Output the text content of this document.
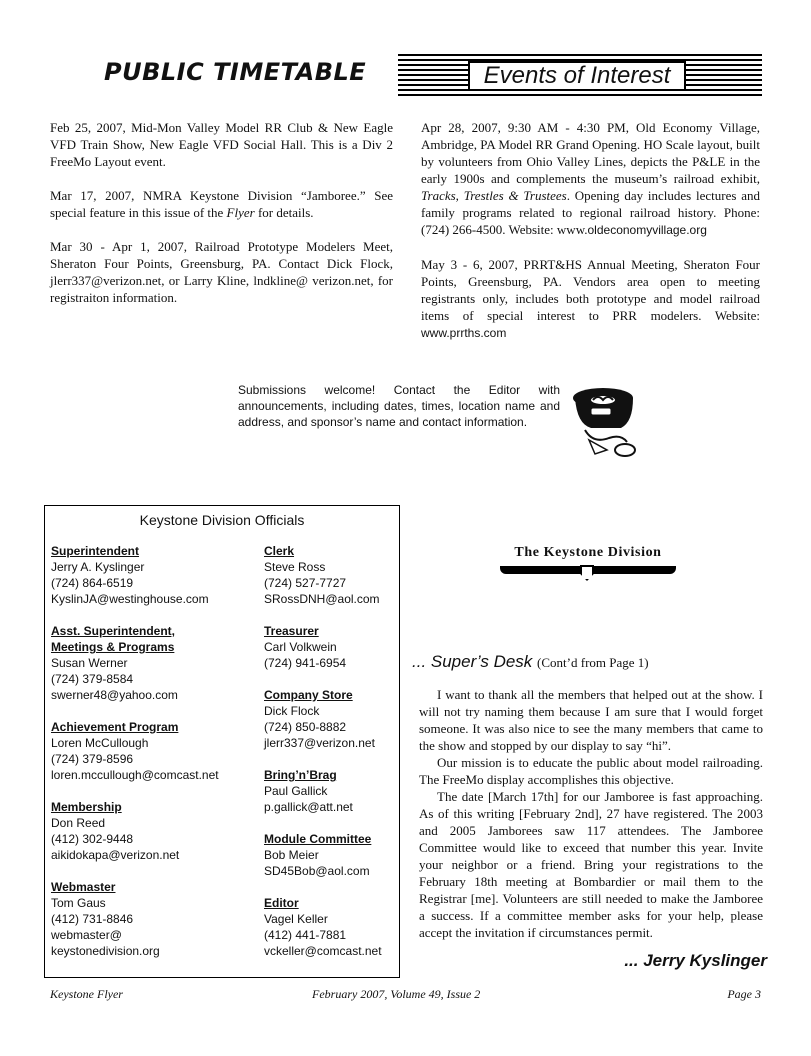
PUBLIC TIMETABLE	Events of Interest

Feb 25, 2007, Mid-Mon Valley Model RR Club & New Eagle VFD Train Show, New Eagle VFD Social Hall. This is a Div 2 FreeMo Layout event.

Mar 17, 2007, NMRA Keystone Division “Jamboree.” See special feature in this issue of the Flyer for details.

Mar 30 - Apr 1, 2007, Railroad Prototype Modelers Meet, Sheraton Four Points, Greensburg, PA. Contact Dick Flock, jlerr337@verizon.net, or Larry Kline, lndkline@ verizon.net, for registraiton information.

Apr 28, 2007, 9:30 AM - 4:30 PM, Old Economy Village, Ambridge, PA Model RR Grand Opening. HO Scale layout, built by volunteers from Ohio Valley Lines, depicts the P&LE in the early 1900s and complements the museum’s railroad exhibit, Tracks, Trestles & Trustees. Opening day includes lectures and family programs related to regional railroad history. Phone: (724) 266-4500. Website: www.oldeconomyvillage.org

May 3 - 6, 2007, PRRT&HS Annual Meeting, Sheraton Four Points, Greensburg, PA. Vendors area open to meeting registrants only, includes both prototype and model railroad items of special interest to PRR modelers. Website: www.prrths.com

Submissions welcome! Contact the Editor with announcements, including dates, times, location name and address, and sponsor’s name and contact information.
Keystone Division Officials
Superintendent
Jerry A. Kyslinger
(724) 864-6519
KyslinJA@westinghouse.com
Asst. Superintendent,
Meetings & Programs
Susan Werner
(724) 379-8584
swerner48@yahoo.com
Achievement Program
Loren McCullough
(724) 379-8596
loren.mccullough@comcast.net
Membership
Don Reed
(412) 302-9448
aikidokapa@verizon.net
Webmaster
Tom Gaus
(412) 731-8846
webmaster@
keystonedivision.org
Clerk
Steve Ross
(724) 527-7727
SRossDNH@aol.com
Treasurer
Carl Volkwein
(724) 941-6954
Company Store
Dick Flock
(724) 850-8882
jlerr337@verizon.net
Bring’n’Brag
Paul Gallick
p.gallick@att.net
Module Committee
Bob Meier
SD45Bob@aol.com
Editor
Vagel Keller
(412) 441-7881
vckeller@comcast.net
The Keystone Division
... Super’s Desk (Cont’d from Page 1)

I want to thank all the members that helped out at the show. I will not try naming them because I am sure that I would forget someone. It was also nice to see the many members that came to the show and stopped by our display to say “hi”.

Our mission is to educate the public about model railroading. The FreeMo display accomplishes this objective.

The date [March 17th] for our Jamboree is fast approaching. As of this writing [February 2nd], 27 have registered. The 2003 and 2005 Jamborees saw 117 attendees. The Jamboree Committee would like to exceed that number this year. Invite your neighbor or a friend. Bring your registrations to the February 18th meeting at Bombardier or mail them to the Registrar [me]. Volunteers are still needed to make the Jamboree a success. If a committee member asks for your help, please accept the invitation if circumstances permit.

... Jerry Kyslinger
Keystone Flyer	February 2007, Volume 49, Issue 2	Page 3
